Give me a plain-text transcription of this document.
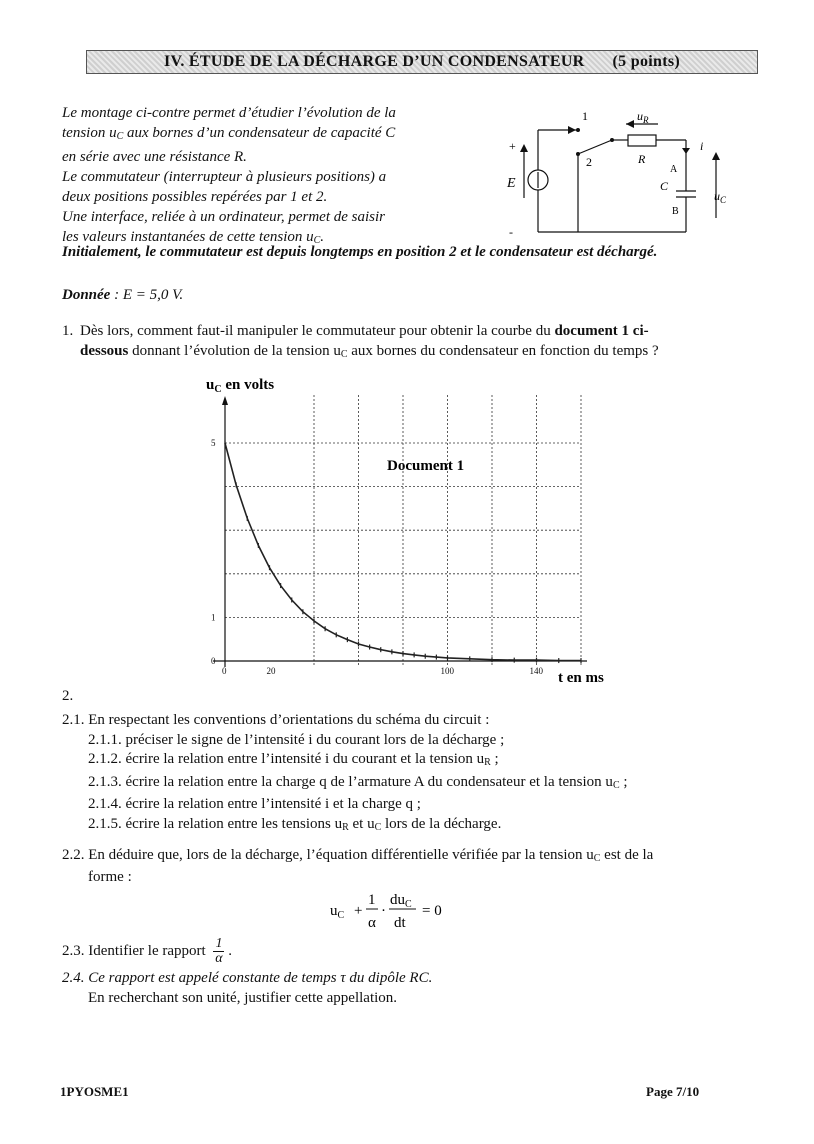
IV. ÉTUDE DE LA DÉCHARGE D’UN CONDENSATEUR (5 points)

Le montage ci-contre permet d’étudier l’évolution de la

tension uC aux bornes d’un condensateur de capacité C

en série avec une résistance R.

Le commutateur (interrupteur à plusieurs positions) a

deux positions possibles repérées par 1 et 2.

Une interface, reliée à un ordinateur, permet de saisir

les valeurs instantanées de cette tension uC.

1
2
$u_R$
R
i
A
B
C
E
$u_C$
+
-
Initialement, le commutateur est depuis longtemps en position 2 et le condensateur est déchargé.
Donnée : E = 5,0 V.
1. Dès lors, comment faut-il manipuler le commutateur pour obtenir la courbe du document 1 ci-
dessous donnant l’évolution de la tension uC aux bornes du condensateur en fonction du temps ?
$u_C$ en volts
Document 1
t en ms
0	20	100	140
0
1
5
2.
2.1. En respectant les conventions d’orientations du schéma du circuit :
2.1.1. préciser le signe de l’intensité i du courant lors de la décharge ;
2.1.2. écrire la relation entre l’intensité i du courant et la tension uR ;
2.1.3. écrire la relation entre la charge q de l’armature A du condensateur et la tension uC ;
2.1.4. écrire la relation entre l’intensité i et la charge q ;
2.1.5. écrire la relation entre les tensions uR et uC lors de la décharge.
2.2. En déduire que, lors de la décharge, l’équation différentielle vérifiée par la tension uC est de la
forme :
$u_C$ +
1
α
·
$du_C$
dt
= 0
2.3. Identifier le rapport $\frac{1}{\alpha}$ .
2.4. Ce rapport est appelé constante de temps τ du dipôle RC.
En recherchant son unité, justifier cette appellation.
1PYOSME1	Page 7/10
